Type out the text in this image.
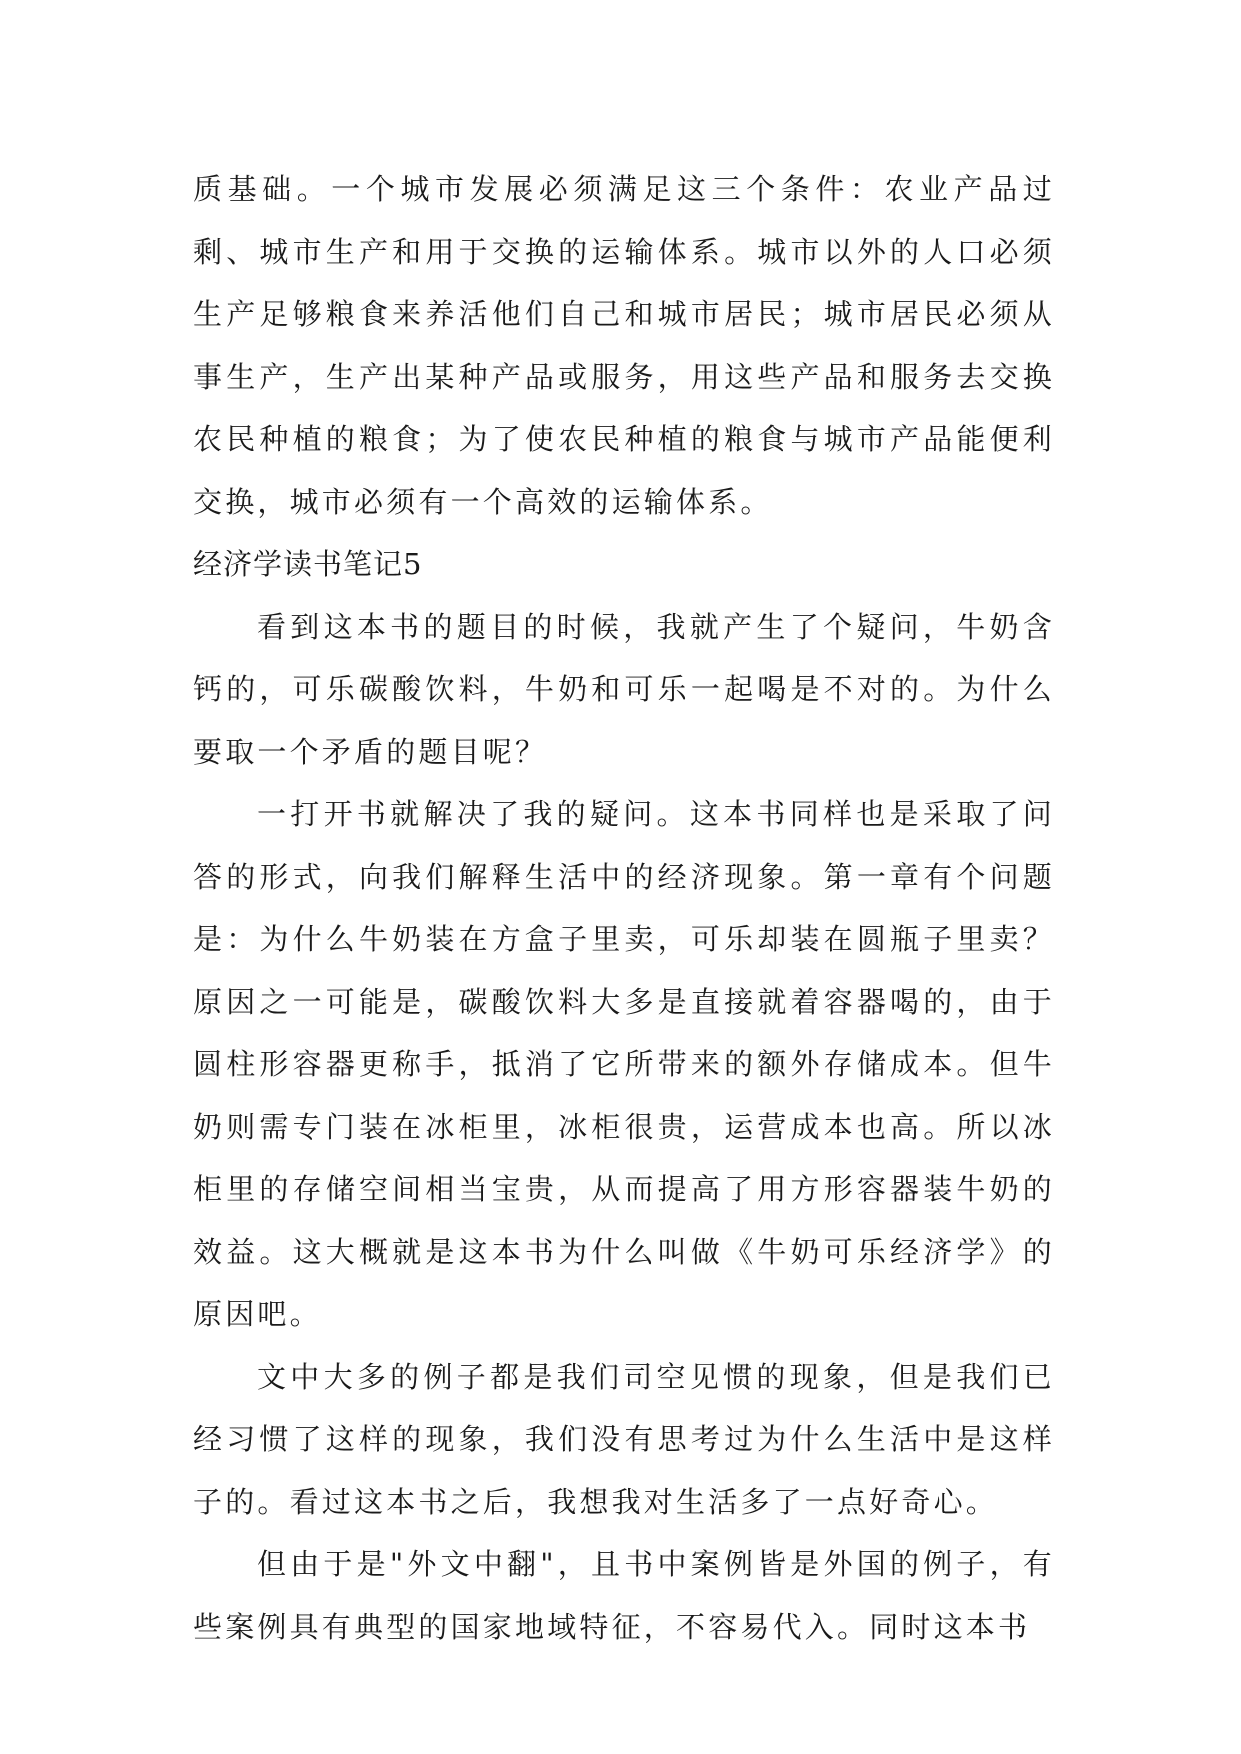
质基础。一个城市发展必须满足这三个条件：农业产品过剩、城市生产和用于交换的运输体系。城市以外的人口必须生产足够粮食来养活他们自己和城市居民；城市居民必须从事生产，生产出某种产品或服务，用这些产品和服务去交换农民种植的粮食；为了使农民种植的粮食与城市产品能便利交换，城市必须有一个高效的运输体系。

经济学读书笔记5

看到这本书的题目的时候，我就产生了个疑问，牛奶含钙的，可乐碳酸饮料，牛奶和可乐一起喝是不对的。为什么要取一个矛盾的题目呢？

一打开书就解决了我的疑问。这本书同样也是采取了问答的形式，向我们解释生活中的经济现象。第一章有个问题是：为什么牛奶装在方盒子里卖，可乐却装在圆瓶子里卖？原因之一可能是，碳酸饮料大多是直接就着容器喝的，由于圆柱形容器更称手，抵消了它所带来的额外存储成本。但牛奶则需专门装在冰柜里，冰柜很贵，运营成本也高。所以冰柜里的存储空间相当宝贵，从而提高了用方形容器装牛奶的效益。这大概就是这本书为什么叫做《牛奶可乐经济学》的原因吧。

文中大多的例子都是我们司空见惯的现象，但是我们已经习惯了这样的现象，我们没有思考过为什么生活中是这样子的。看过这本书之后，我想我对生活多了一点好奇心。

但由于是"外文中翻"，且书中案例皆是外国的例子，有些案例具有典型的国家地域特征，不容易代入。同时这本书
